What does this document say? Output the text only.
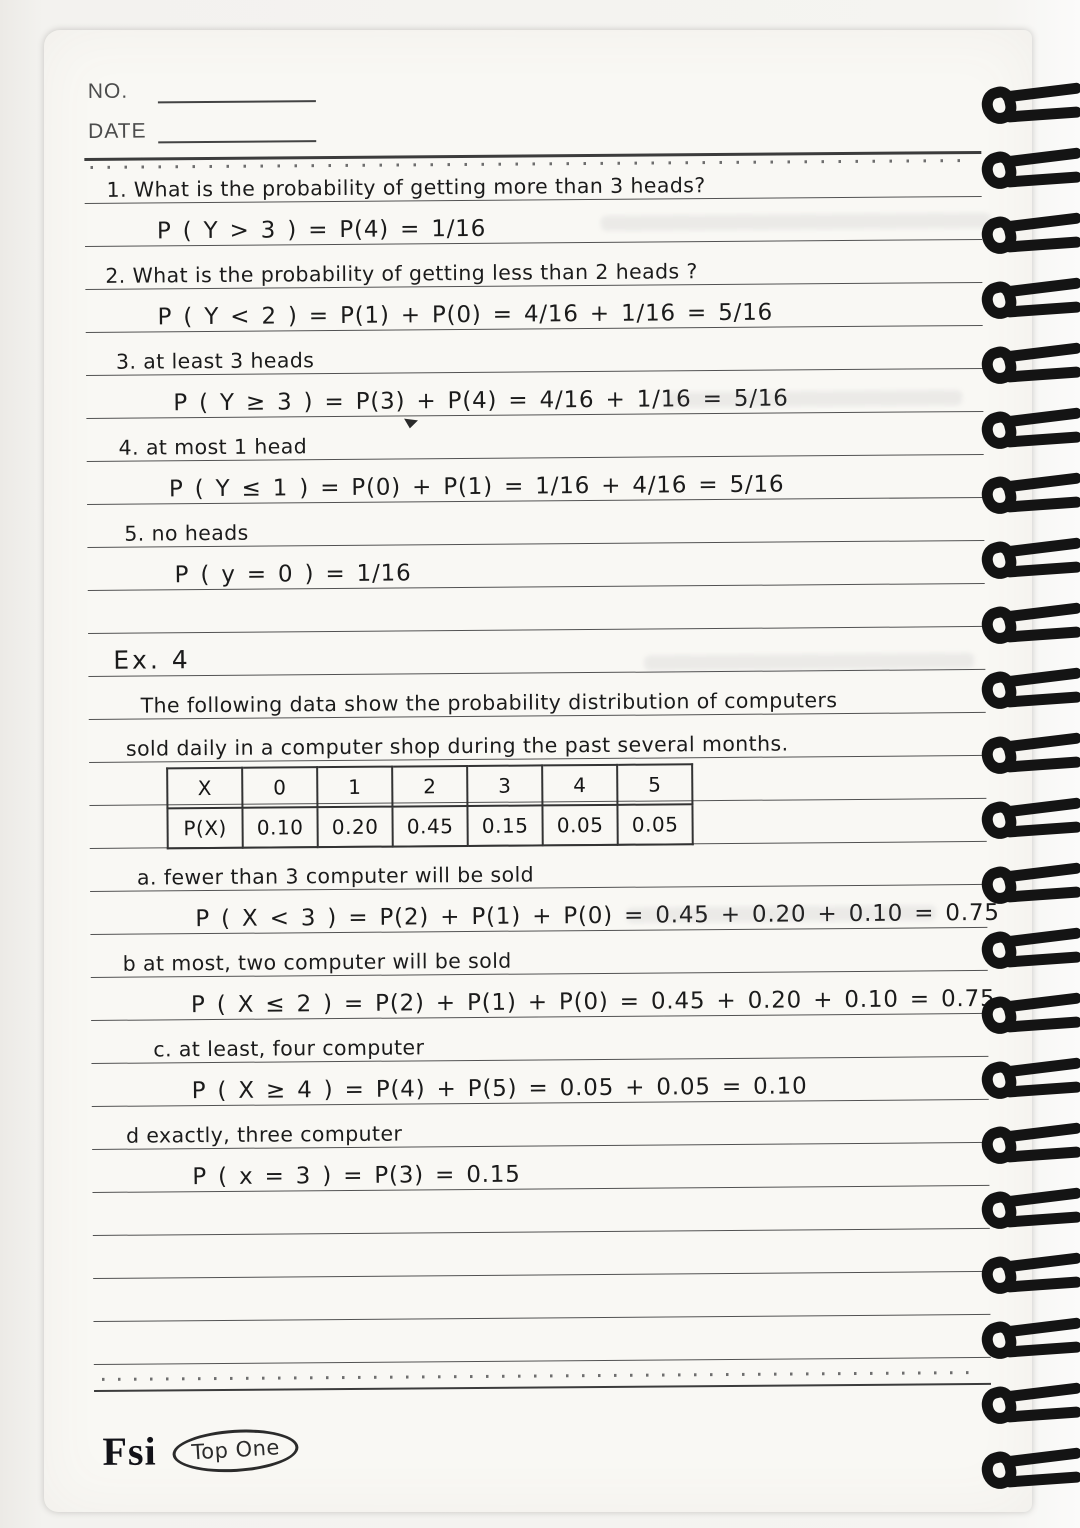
NO.
DATE
1. What is the probability of getting more than 3 heads?
P ( Y > 3 ) = P(4) = 1/16
2. What is the probability of getting less than 2 heads ?
P ( Y < 2 ) = P(1) + P(0) = 4/16 + 1/16 = 5/16
3. at least 3 heads
P ( Y ≥ 3 ) = P(3) + P(4) = 4/16 + 1/16 = 5/16
4. at most 1 head
P ( Y ≤ 1 ) = P(0) + P(1) = 1/16 + 4/16 = 5/16
5. no heads
P ( y = 0 ) = 1/16
Ex. 4
The following data show the probability distribution of computers
sold daily in a computer shop during the past several months.
a. fewer than 3 computer will be sold
P ( X < 3 ) = P(2) + P(1) + P(0) = 0.45 + 0.20 + 0.10 = 0.75
b at most, two computer will be sold
P ( X ≤ 2 ) = P(2) + P(1) + P(0) = 0.45 + 0.20 + 0.10 = 0.75
c. at least, four computer
P ( X ≥ 4 ) = P(4) + P(5) = 0.05 + 0.05 = 0.10
d exactly, three computer
P ( x = 3 ) = P(3) = 0.15
X	0	1	2	3	4	5
P(X)	0.10	0.20	0.45	0.15	0.05	0.05
Fsi	Top One
